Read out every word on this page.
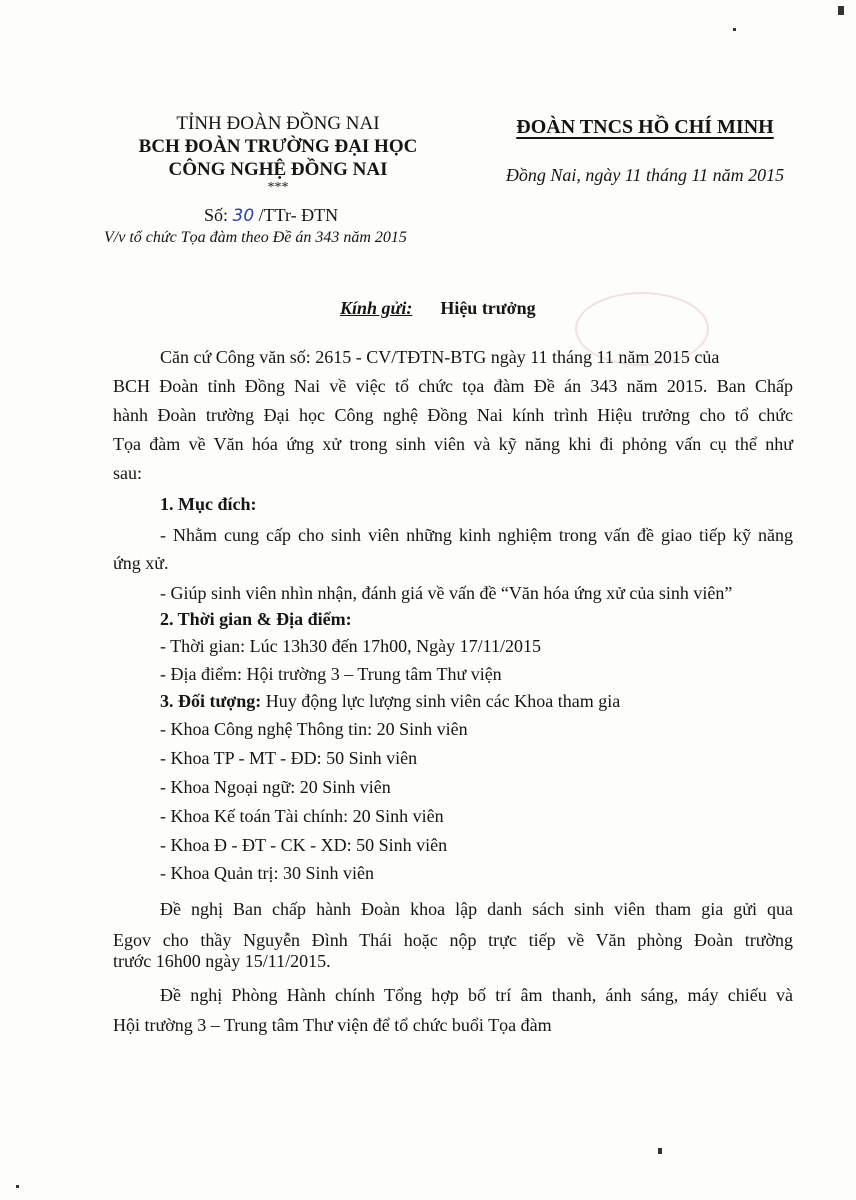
TỈNH ĐOÀN ĐỒNG NAI
BCH ĐOÀN TRƯỜNG ĐẠI HỌC
CÔNG NGHỆ ĐỒNG NAI
***
ĐOÀN TNCS HỒ CHÍ MINH
Đồng Nai, ngày 11 tháng 11 năm 2015
Số: 30 /TTr- ĐTN
V/v tổ chức Tọa đàm theo Đề án 343 năm 2015
Kính gửi: Hiệu trưởng
Căn cứ Công văn số: 2615 - CV/TĐTN-BTG ngày 11 tháng 11 năm 2015 của
BCH Đoàn tỉnh Đồng Nai về việc tổ chức tọa đàm Đề án 343 năm 2015. Ban Chấp
hành Đoàn trường Đại học Công nghệ Đồng Nai kính trình Hiệu trưởng cho tổ chức
Tọa đàm về Văn hóa ứng xử trong sinh viên và kỹ năng khi đi phỏng vấn cụ thể như
sau:
1. Mục đích:
- Nhằm cung cấp cho sinh viên những kinh nghiệm trong vấn đề giao tiếp kỹ năng
ứng xử.
- Giúp sinh viên nhìn nhận, đánh giá về vấn đề “Văn hóa ứng xử của sinh viên”
2. Thời gian & Địa điểm:
- Thời gian: Lúc 13h30 đến 17h00, Ngày 17/11/2015
- Địa điểm: Hội trường 3 – Trung tâm Thư viện
3. Đối tượng: Huy động lực lượng sinh viên các Khoa tham gia
- Khoa Công nghệ Thông tin: 20 Sinh viên
- Khoa TP - MT - ĐD: 50 Sinh viên
- Khoa Ngoại ngữ: 20 Sinh viên
- Khoa Kế toán Tài chính: 20 Sinh viên
- Khoa Đ - ĐT - CK - XD: 50 Sinh viên
- Khoa Quản trị: 30 Sinh viên
Đề nghị Ban chấp hành Đoàn khoa lập danh sách sinh viên tham gia gửi qua
Egov cho thầy Nguyễn Đình Thái hoặc nộp trực tiếp về Văn phòng Đoàn trường
trước 16h00 ngày 15/11/2015.
Đề nghị Phòng Hành chính Tổng hợp bố trí âm thanh, ánh sáng, máy chiếu và
Hội trường 3 – Trung tâm Thư viện để tổ chức buổi Tọa đàm
